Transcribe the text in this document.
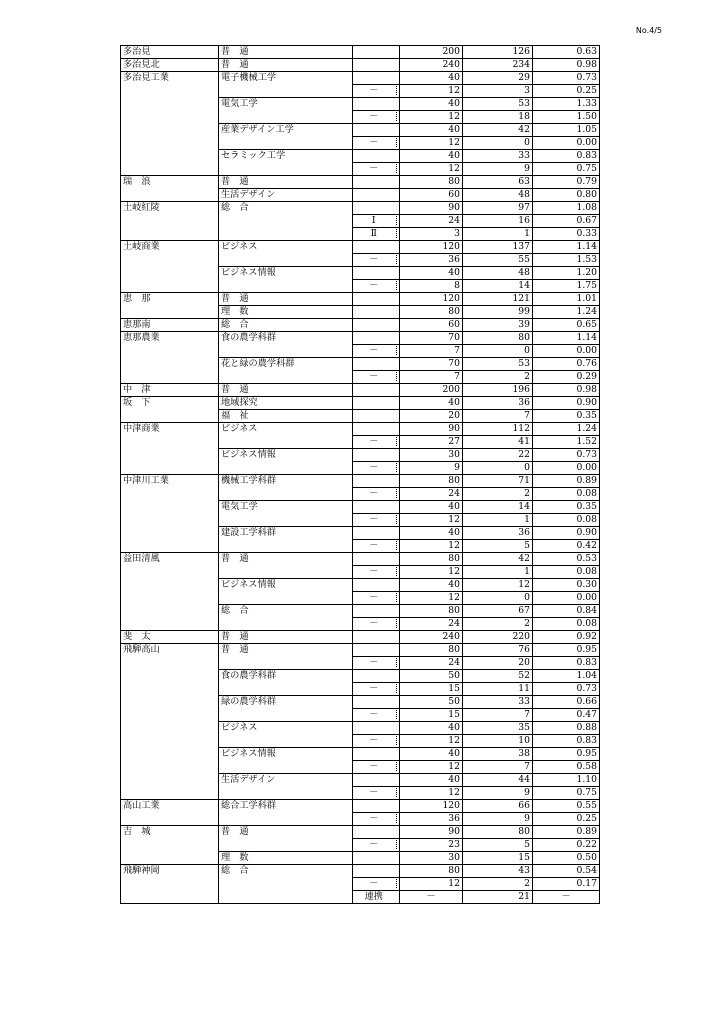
No.4/5
多治見	普　通			200	126	0.63
多治見北	普　通			240	234	0.98
多治見工業	電子機械工学			40	29	0.73
		－		12	3	0.25
	電気工学			40	53	1.33
		－		12	18	1.50
	産業デザイン工学			40	42	1.05
		－		12	0	0.00
	セラミック工学			40	33	0.83
		－		12	9	0.75
瑞　浪	普　通			80	63	0.79
	生活デザイン			60	48	0.80
土岐紅陵	総　合			90	97	1.08
		Ⅰ		24	16	0.67
		Ⅱ		3	1	0.33
土岐商業	ビジネス			120	137	1.14
		－		36	55	1.53
	ビジネス情報			40	48	1.20
		－		8	14	1.75
恵　那	普　通			120	121	1.01
	理　数			80	99	1.24
恵那南	総　合			60	39	0.65
恵那農業	食の農学科群			70	80	1.14
		－		7	0	0.00
	花と緑の農学科群			70	53	0.76
		－		7	2	0.29
中　津	普　通			200	196	0.98
坂　下	地域探究			40	36	0.90
	福　祉			20	7	0.35
中津商業	ビジネス			90	112	1.24
		－		27	41	1.52
	ビジネス情報			30	22	0.73
		－		9	0	0.00
中津川工業	機械工学科群			80	71	0.89
		－		24	2	0.08
	電気工学			40	14	0.35
		－		12	1	0.08
	建設工学科群			40	36	0.90
		－		12	5	0.42
益田清風	普　通			80	42	0.53
		－		12	1	0.08
	ビジネス情報			40	12	0.30
		－		12	0	0.00
	総　合			80	67	0.84
		－		24	2	0.08
斐　太	普　通			240	220	0.92
飛騨高山	普　通			80	76	0.95
		－		24	20	0.83
	食の農学科群			50	52	1.04
		－		15	11	0.73
	緑の農学科群			50	33	0.66
		－		15	7	0.47
	ビジネス			40	35	0.88
		－		12	10	0.83
	ビジネス情報			40	38	0.95
		－		12	7	0.58
	生活デザイン			40	44	1.10
		－		12	9	0.75
高山工業	総合工学科群			120	66	0.55
		－		36	9	0.25
吉　城	普　通			90	80	0.89
		－		23	5	0.22
	理　数			30	15	0.50
飛騨神岡	総　合			80	43	0.54
		－		12	2	0.17
		連携		－	21	－
